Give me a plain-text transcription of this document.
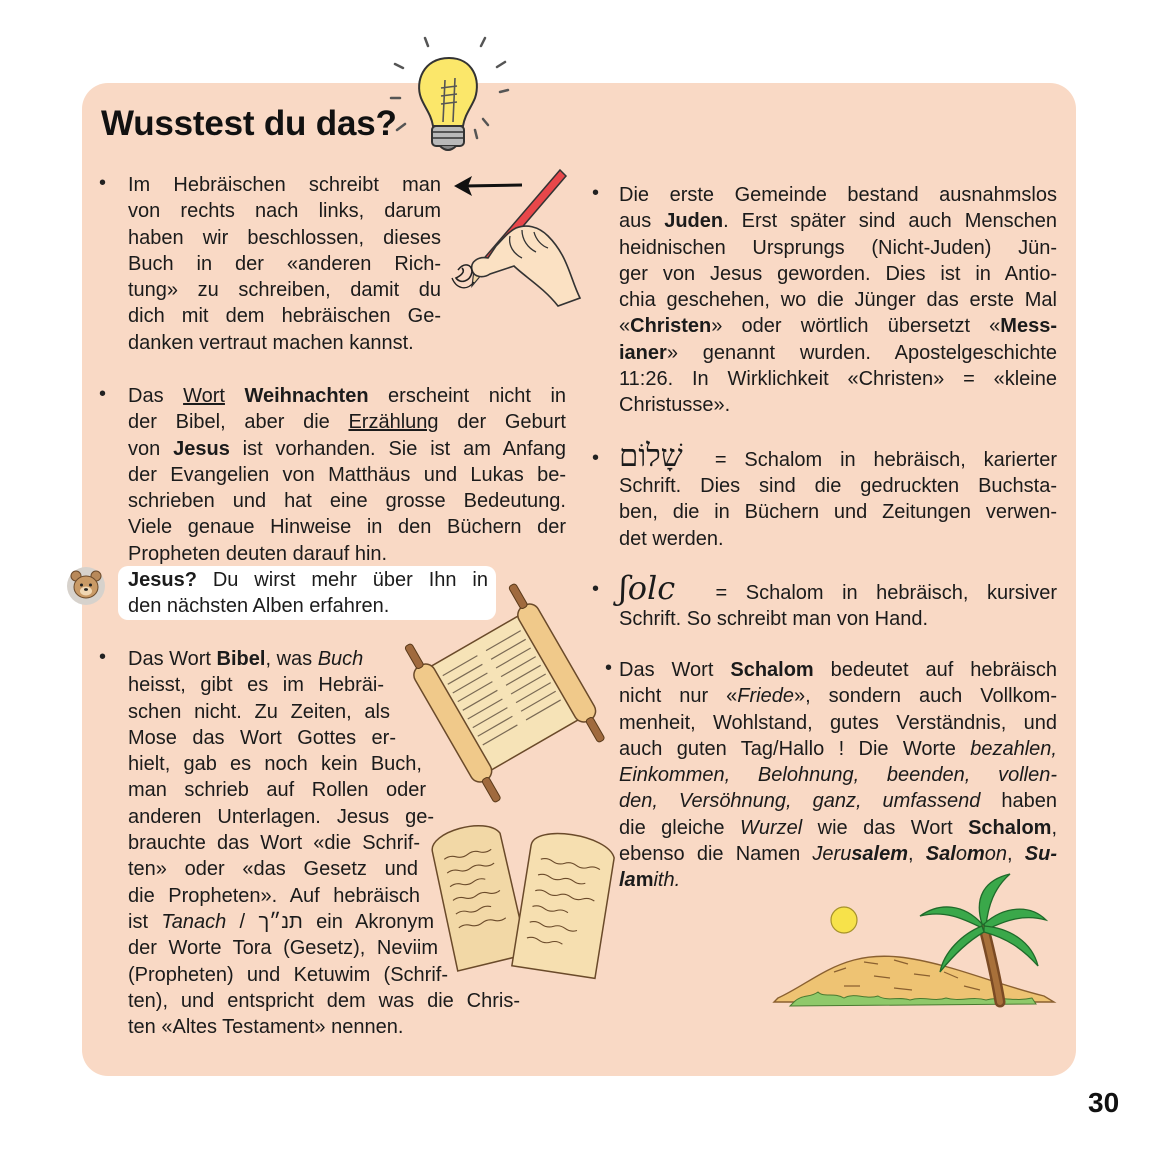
Wusstest du das?
• Im Hebräischen schreibt man
von rechts nach links, darum
haben wir beschlossen, dieses
Buch in der «anderen Rich-
tung» zu schreiben, damit du
dich mit dem hebräischen Ge-
danken vertraut machen kannst.
• Das Wort Weihnachten erscheint nicht in
der Bibel, aber die Erzählung der Geburt
von Jesus ist vorhanden. Sie ist am Anfang
der Evangelien von Matthäus und Lukas be-
schrieben und hat eine grosse Bedeutung.
Viele genaue Hinweise in den Büchern der
Propheten deuten darauf hin.
Jesus? Du wirst mehr über Ihn in
den nächsten Alben erfahren.
• Das Wort Bibel, was Buch
heisst, gibt es im Hebräi-
schen nicht. Zu Zeiten, als
Mose das Wort Gottes er-
hielt, gab es noch kein Buch,
man schrieb auf Rollen oder
anderen Unterlagen. Jesus ge-
brauchte das Wort «die Schrif-
ten» oder «das Gesetz und
die Propheten». Auf hebräisch
ist Tanach / תנ״ך ein Akronym
der Worte Tora (Gesetz), Neviim
(Propheten) und Ketuwim (Schrif-
ten), und entspricht dem was die Chris-
ten «Altes Testament» nennen.
• Die erste Gemeinde bestand ausnahmslos
aus Juden. Erst später sind auch Menschen
heidnischen Ursprungs (Nicht-Juden) Jün-
ger von Jesus geworden. Dies ist in Antio-
chia geschehen, wo die Jünger das erste Mal
«Christen» oder wörtlich übersetzt «Mess-
ianer» genannt wurden. Apostelgeschichte
11:26. In Wirklichkeit «Christen» = «kleine
Christusse».
• שָׁלוֹם = Schalom in hebräisch, karierter
Schrift. Dies sind die gedruckten Buchsta-
ben, die in Büchern und Zeitungen verwen-
det werden.
• ʃolc = Schalom in hebräisch, kursiver
Schrift. So schreibt man von Hand.
• Das Wort Schalom bedeutet auf hebräisch
nicht nur «Friede», sondern auch Vollkom-
menheit, Wohlstand, gutes Verständnis, und
auch guten Tag/Hallo ! Die Worte bezahlen,
Einkommen, Belohnung, beenden, vollen-
den, Versöhnung, ganz, umfassend haben
die gleiche Wurzel wie das Wort Schalom,
ebenso die Namen Jerusalem, Salomon, Su-
lamith.
30
